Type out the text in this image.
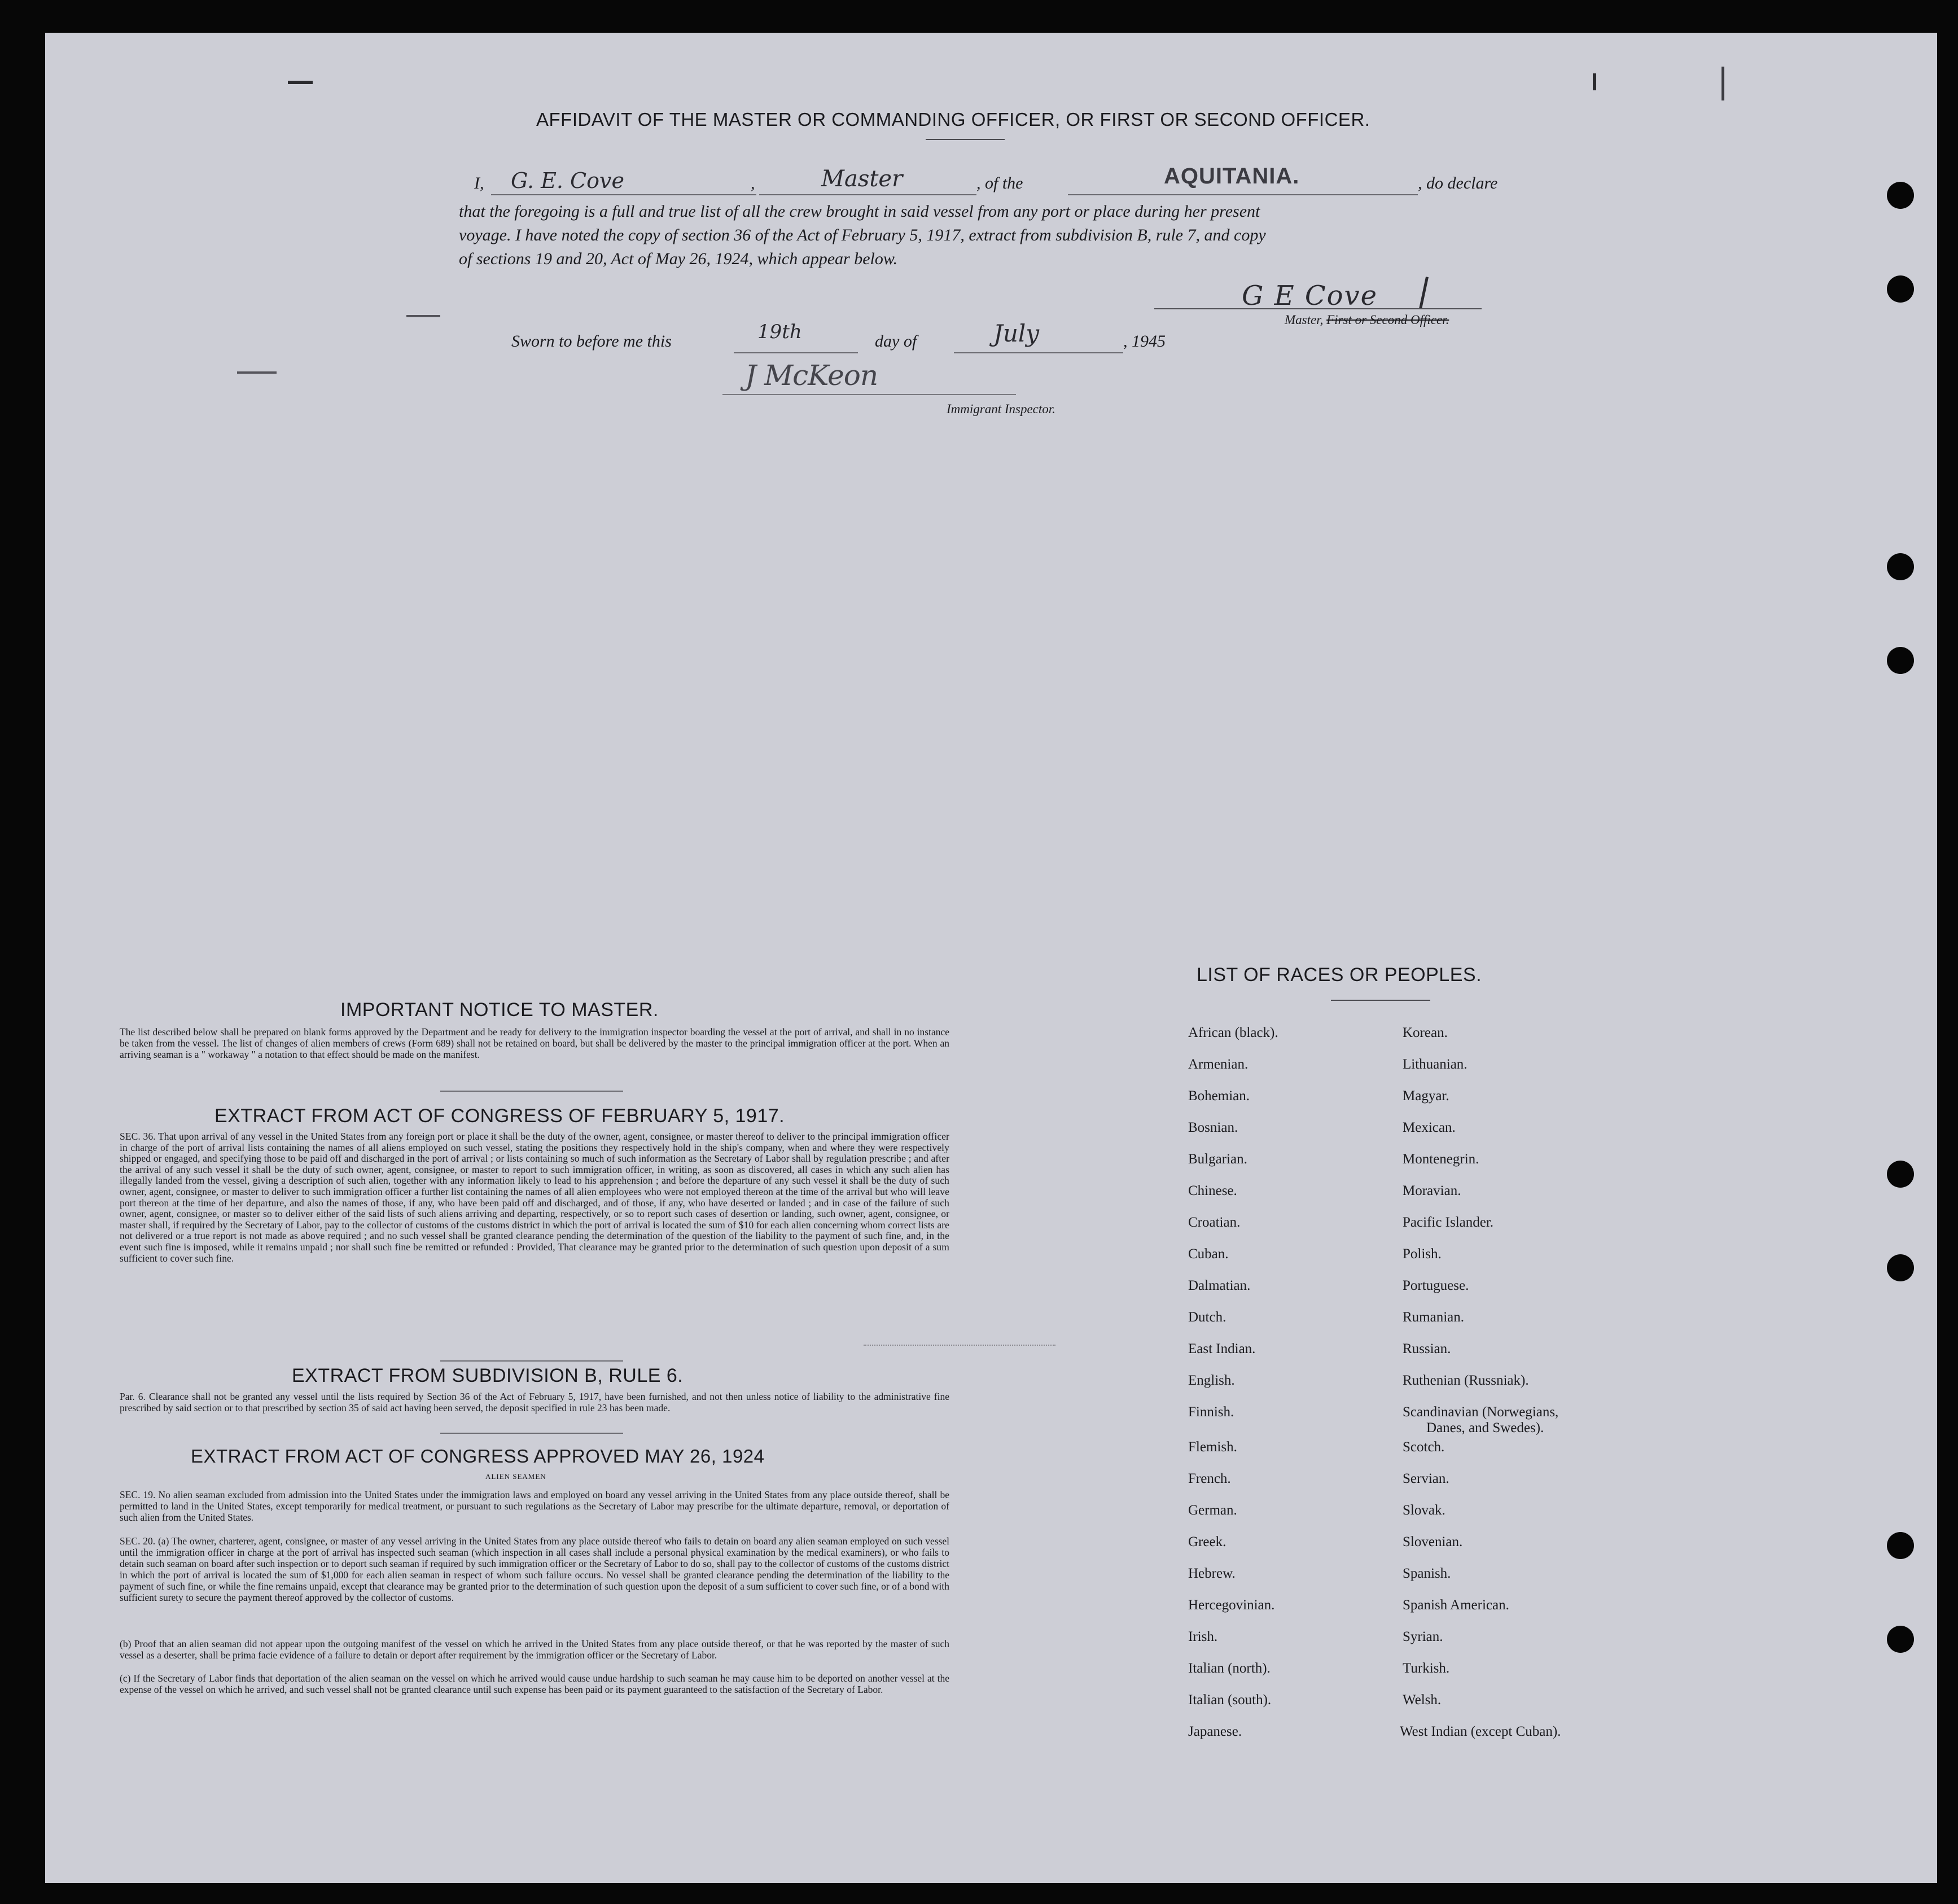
AFFIDAVIT OF THE MASTER OR COMMANDING OFFICER, OR FIRST OR SECOND OFFICER.
I, G. E. Cove	,	Master	, of the	AQUITANIA.	, do declare
that the foregoing is a full and true list of all the crew brought in said vessel from any port or place during her present
voyage. I have noted the copy of section 36 of the Act of February 5, 1917, extract from subdivision B, rule 7, and copy
of sections 19 and 20, Act of May 26, 1924, which appear below.
G E Cove
Master, First or Second Officer.
Sworn to before me this	19th	day of	July	, 1945
J McKeon
Immigrant Inspector.
IMPORTANT NOTICE TO MASTER.
The list described below shall be prepared on blank forms approved by the Department and be ready for delivery to the immigration inspector boarding the vessel at the port of arrival, and shall in no instance be taken from the vessel. The list of changes of alien members of crews (Form 689) shall not be retained on board, but shall be delivered by the master to the principal immigration officer at the port. When an arriving seaman is a " workaway " a notation to that effect should be made on the manifest.
EXTRACT FROM ACT OF CONGRESS OF FEBRUARY 5, 1917.
SEC. 36. That upon arrival of any vessel in the United States from any foreign port or place it shall be the duty of the owner, agent, consignee, or master thereof to deliver to the principal immigration officer in charge of the port of arrival lists containing the names of all aliens employed on such vessel, stating the positions they respectively hold in the ship's company, when and where they were respectively shipped or engaged, and specifying those to be paid off and discharged in the port of arrival ; or lists containing so much of such information as the Secretary of Labor shall by regulation prescribe ; and after the arrival of any such vessel it shall be the duty of such owner, agent, consignee, or master to report to such immigration officer, in writing, as soon as discovered, all cases in which any such alien has illegally landed from the vessel, giving a description of such alien, together with any information likely to lead to his apprehension ; and before the departure of any such vessel it shall be the duty of such owner, agent, consignee, or master to deliver to such immigration officer a further list containing the names of all alien employees who were not employed thereon at the time of the arrival but who will leave port thereon at the time of her departure, and also the names of those, if any, who have been paid off and discharged, and of those, if any, who have deserted or landed ; and in case of the failure of such owner, agent, consignee, or master so to deliver either of the said lists of such aliens arriving and departing, respectively, or so to report such cases of desertion or landing, such owner, agent, consignee, or master shall, if required by the Secretary of Labor, pay to the collector of customs of the customs district in which the port of arrival is located the sum of $10 for each alien concerning whom correct lists are not delivered or a true report is not made as above required ; and no such vessel shall be granted clearance pending the determination of the question of the liability to the payment of such fine, and, in the event such fine is imposed, while it remains unpaid ; nor shall such fine be remitted or refunded : Provided, That clearance may be granted prior to the determination of such question upon deposit of a sum sufficient to cover such fine.
EXTRACT FROM SUBDIVISION B, RULE 6.
Par. 6. Clearance shall not be granted any vessel until the lists required by Section 36 of the Act of February 5, 1917, have been furnished, and not then unless notice of liability to the administrative fine prescribed by said section or to that prescribed by section 35 of said act having been served, the deposit specified in rule 23 has been made.
EXTRACT FROM ACT OF CONGRESS APPROVED MAY 26, 1924
ALIEN SEAMEN
SEC. 19. No alien seaman excluded from admission into the United States under the immigration laws and employed on board any vessel arriving in the United States from any place outside thereof, shall be permitted to land in the United States, except temporarily for medical treatment, or pursuant to such regulations as the Secretary of Labor may prescribe for the ultimate departure, removal, or deportation of such alien from the United States.
SEC. 20. (a) The owner, charterer, agent, consignee, or master of any vessel arriving in the United States from any place outside thereof who fails to detain on board any alien seaman employed on such vessel until the immigration officer in charge at the port of arrival has inspected such seaman (which inspection in all cases shall include a personal physical examination by the medical examiners), or who fails to detain such seaman on board after such inspection or to deport such seaman if required by such immigration officer or the Secretary of Labor to do so, shall pay to the collector of customs of the customs district in which the port of arrival is located the sum of $1,000 for each alien seaman in respect of whom such failure occurs. No vessel shall be granted clearance pending the determination of the liability to the payment of such fine, or while the fine remains unpaid, except that clearance may be granted prior to the determination of such question upon the deposit of a sum sufficient to cover such fine, or of a bond with sufficient surety to secure the payment thereof approved by the collector of customs.
(b) Proof that an alien seaman did not appear upon the outgoing manifest of the vessel on which he arrived in the United States from any place outside thereof, or that he was reported by the master of such vessel as a deserter, shall be prima facie evidence of a failure to detain or deport after requirement by the immigration officer or the Secretary of Labor.
(c) If the Secretary of Labor finds that deportation of the alien seaman on the vessel on which he arrived would cause undue hardship to such seaman he may cause him to be deported on another vessel at the expense of the vessel on which he arrived, and such vessel shall not be granted clearance until such expense has been paid or its payment guaranteed to the satisfaction of the Secretary of Labor.
LIST OF RACES OR PEOPLES.
African (black).
Armenian.
Bohemian.
Bosnian.
Bulgarian.
Chinese.
Croatian.
Cuban.
Dalmatian.
Dutch.
East Indian.
English.
Finnish.
Flemish.
French.
German.
Greek.
Hebrew.
Hercegovinian.
Irish.
Italian (north).
Italian (south).
Japanese.
Korean.
Lithuanian.
Magyar.
Mexican.
Montenegrin.
Moravian.
Pacific Islander.
Polish.
Portuguese.
Rumanian.
Russian.
Ruthenian (Russniak).
Scandinavian (Norwegians,
Danes, and Swedes).
Scotch.
Servian.
Slovak.
Slovenian.
Spanish.
Spanish American.
Syrian.
Turkish.
Welsh.
West Indian (except Cuban).
